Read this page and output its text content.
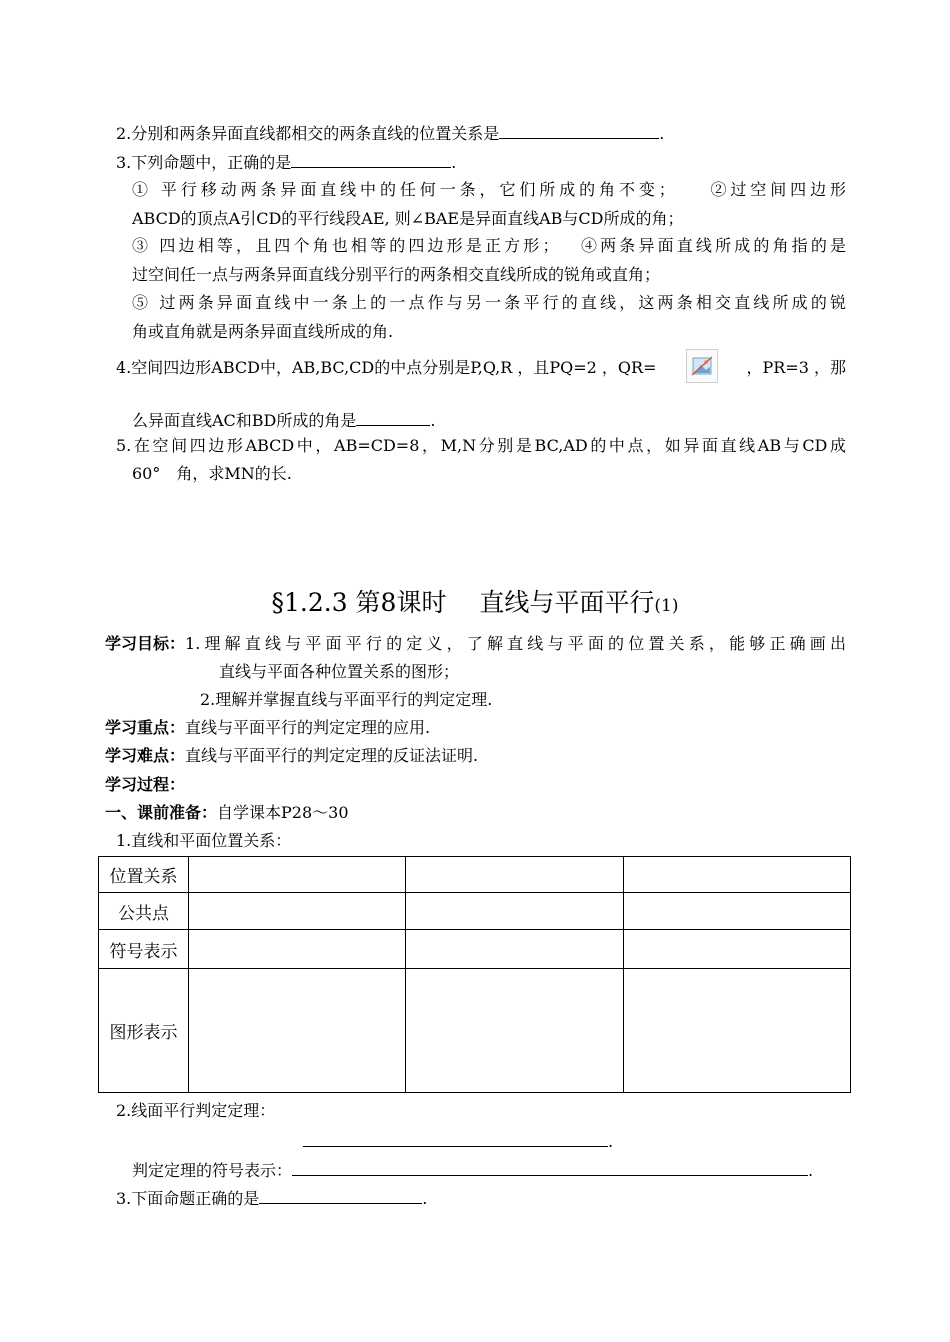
2.分别和两条异面直线都相交的两条直线的位置关系是	.
3.下列命题中，正确的是	.
① 平行移动两条异面直线中的任何一条，它们所成的角不变；　　②过空间四边形
ABCD的顶点A引CD的平行线段AE, 则∠BAE是异面直线AB与CD所成的角；
③ 四边相等，且四个角也相等的四边形是正方形；　 ④两条异面直线所成的角指的是
过空间任一点与两条异面直线分别平行的两条相交直线所成的锐角或直角；
⑤ 过两条异面直线中一条上的一点作与另一条平行的直线，这两条相交直线所成的锐
角或直角就是两条异面直线所成的角.
4.空间四边形ABCD中，AB,BC,CD的中点分别是P,Q,R ，且PQ=2 ，QR=	，PR=3 ，那
么异面直线AC和BD所成的角是	.
5.在空间四边形ABCD中，AB=CD=8，M,N分别是BC,AD的中点，如异面直线AB与CD成
60°　角，求MN的长.
§1.2.3 第8课时　 直线与平面平行(1)
学习目标： 1.理解直线与平面平行的定义，了解直线与平面的位置关系，能够正确画出
直线与平面各种位置关系的图形；
2.理解并掌握直线与平面平行的判定定理.
学习重点：直线与平面平行的判定定理的应用.
学习难点：直线与平面平行的判定定理的反证法证明.
学习过程：
一、课前准备：自学课本P28～30
1.直线和平面位置关系：
位置关系			
公共点			
符号表示			
图形表示			
2.线面平行判定定理：
.
判定定理的符号表示：	.
3.下面命题正确的是	.
